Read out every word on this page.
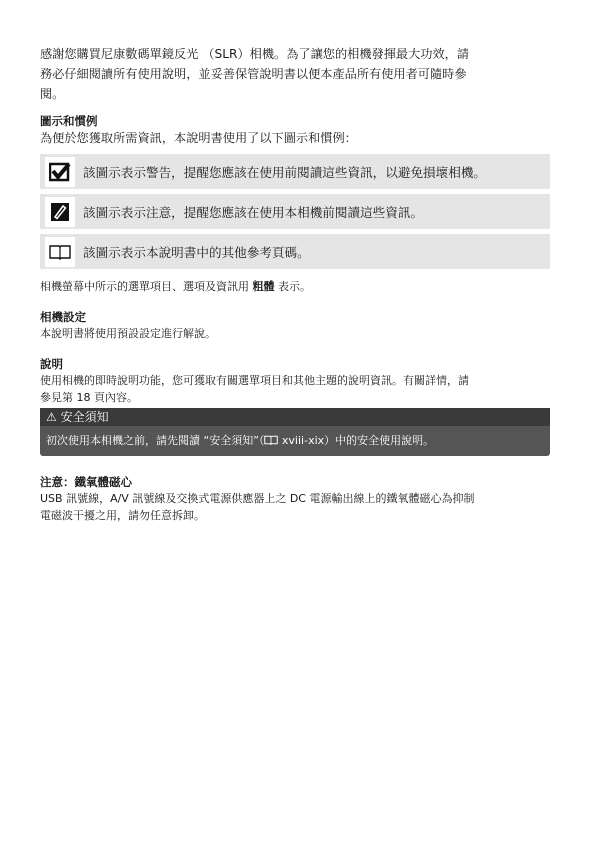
感謝您購買尼康數碼單鏡反光 （SLR）相機。為了讓您的相機發揮最大功效，請
務必仔細閱讀所有使用說明，並妥善保管說明書以便本產品所有使用者可隨時參
閱。
圖示和慣例
為便於您獲取所需資訊，本說明書使用了以下圖示和慣例：
該圖示表示警告，提醒您應該在使用前閱讀這些資訊，以避免損壞相機。
該圖示表示注意，提醒您應該在使用本相機前閱讀這些資訊。
該圖示表示本說明書中的其他參考頁碼。
相機螢幕中所示的選單項目、選項及資訊用 粗體 表示。
相機設定
本說明書將使用預設設定進行解說。
說明
使用相機的即時說明功能，您可獲取有關選單項目和其他主題的說明資訊。有關詳情，請
參見第 18 頁內容。
⚠ 安全須知
初次使用本相機之前，請先閱讀 “安全須知”（ xviii-xix）中的安全使用說明。
注意：鐵氧體磁心
USB 訊號線，A/V 訊號線及交換式電源供應器上之 DC 電源輸出線上的鐵氧體磁心為抑制
電磁波干擾之用，請勿任意拆卸。
